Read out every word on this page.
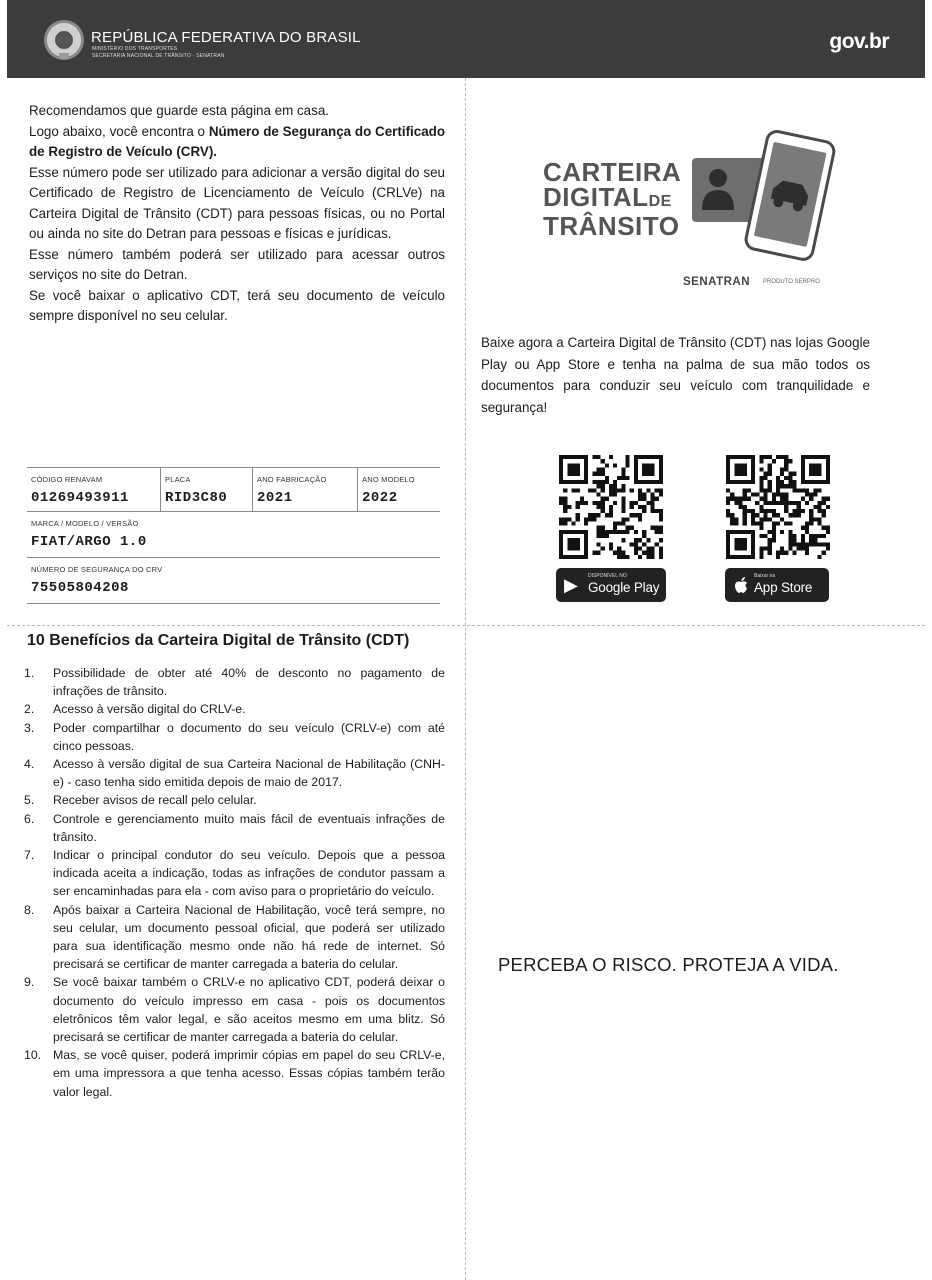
REPÚBLICA FEDERATIVA DO BRASIL
MINISTÉRIO DOS TRANSPORTES
SECRETARIA NACIONAL DE TRÂNSITO - SENATRAN
gov.br

Recomendamos que guarde esta página em casa.

Logo abaixo, você encontra o Número de Segurança do Certificado de Registro de Veículo (CRV).

Esse número pode ser utilizado para adicionar a versão digital do seu Certificado de Registro de Licenciamento de Veículo (CRLVe) na Carteira Digital de Trânsito (CDT) para pessoas físicas, ou no Portal ou ainda no site do Detran para pessoas e físicas e jurídicas.

Esse número também poderá ser utilizado para acessar outros serviços no site do Detran.

Se você baixar o aplicativo CDT, terá seu documento de veículo sempre disponível no seu celular.

CÓDIGO RENAVAM
01269493911
PLACA
RID3C80
ANO FABRICAÇÃO
2021
ANO MODELO
2022
MARCA / MODELO / VERSÃO
FIAT/ARGO 1.0
NÚMERO DE SEGURANÇA DO CRV
75505804208
CARTEIRA
DIGITALDE
TRÂNSITO
SENATRAN PRODUTO SERPRO
Baixe agora a Carteira Digital de Trânsito (CDT) nas lojas Google Play ou App Store e tenha na palma de sua mão todos os documentos para conduzir seu veículo com tranquilidade e segurança!
▶ DISPONÍVEL NO
Google Play
Baixar na
App Store
10 Benefícios da Carteira Digital de Trânsito (CDT)
1. Possibilidade de obter até 40% de desconto no pagamento de infrações de trânsito.
2. Acesso à versão digital do CRLV-e.
3. Poder compartilhar o documento do seu veículo (CRLV-e) com até cinco pessoas.
4. Acesso à versão digital de sua Carteira Nacional de Habilitação (CNH-e) - caso tenha sido emitida depois de maio de 2017.
5. Receber avisos de recall pelo celular.
6. Controle e gerenciamento muito mais fácil de eventuais infrações de trânsito.
7. Indicar o principal condutor do seu veículo. Depois que a pessoa indicada aceita a indicação, todas as infrações de condutor passam a ser encaminhadas para ela - com aviso para o proprietário do veículo.
8. Após baixar a Carteira Nacional de Habilitação, você terá sempre, no seu celular, um documento pessoal oficial, que poderá ser utilizado para sua identificação mesmo onde não há rede de internet. Só precisará se certificar de manter carregada a bateria do celular.
9. Se você baixar também o CRLV-e no aplicativo CDT, poderá deixar o documento do veículo impresso em casa - pois os documentos eletrônicos têm valor legal, e são aceitos mesmo em uma blitz. Só precisará se certificar de manter carregada a bateria do celular.
10. Mas, se você quiser, poderá imprimir cópias em papel do seu CRLV-e, em uma impressora a que tenha acesso. Essas cópias também terão valor legal.
PERCEBA O RISCO. PROTEJA A VIDA.
